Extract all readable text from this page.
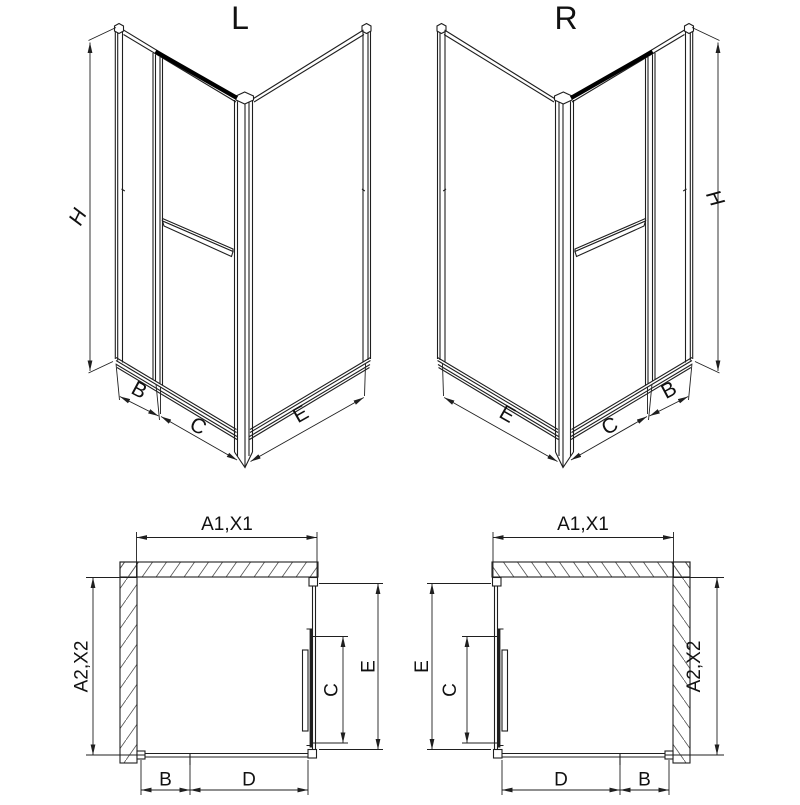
L
H
B
C	E
R
H
B
C
E
A1,X1
A2,X2	E
C
B	D
A1,X1
A2,X2
E
C
D	B
